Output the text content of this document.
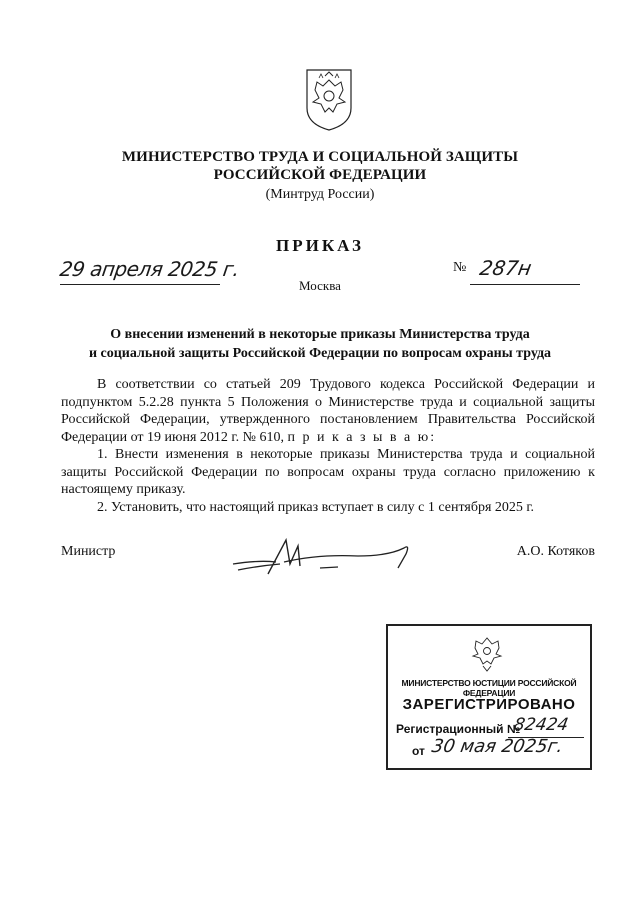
МИНИСТЕРСТВО ТРУДА И СОЦИАЛЬНОЙ ЗАЩИТЫ
РОССИЙСКОЙ ФЕДЕРАЦИИ
(Минтруд России)
ПРИКАЗ
29 апреля 2025 г.	№ 287н
Москва
О внесении изменений в некоторые приказы Министерства труда
и социальной защиты Российской Федерации по вопросам охраны труда

В соответствии со статьей 209 Трудового кодекса Российской Федерации и подпунктом 5.2.28 пункта 5 Положения о Министерстве труда и социальной защиты Российской Федерации, утвержденного постановлением Правительства Российской Федерации от 19 июня 2012 г. № 610, п р и к а з ы в а ю:

1. Внести изменения в некоторые приказы Министерства труда и социальной защиты Российской Федерации по вопросам охраны труда согласно приложению к настоящему приказу.

2. Установить, что настоящий приказ вступает в силу с 1 сентября 2025 г.

Министр	А.О. Котяков
МИНИСТЕРСТВО ЮСТИЦИИ РОССИЙСКОЙ ФЕДЕРАЦИИ
ЗАРЕГИСТРИРОВАНО
Регистрационный №
82424
от 30 мая 2025г.
